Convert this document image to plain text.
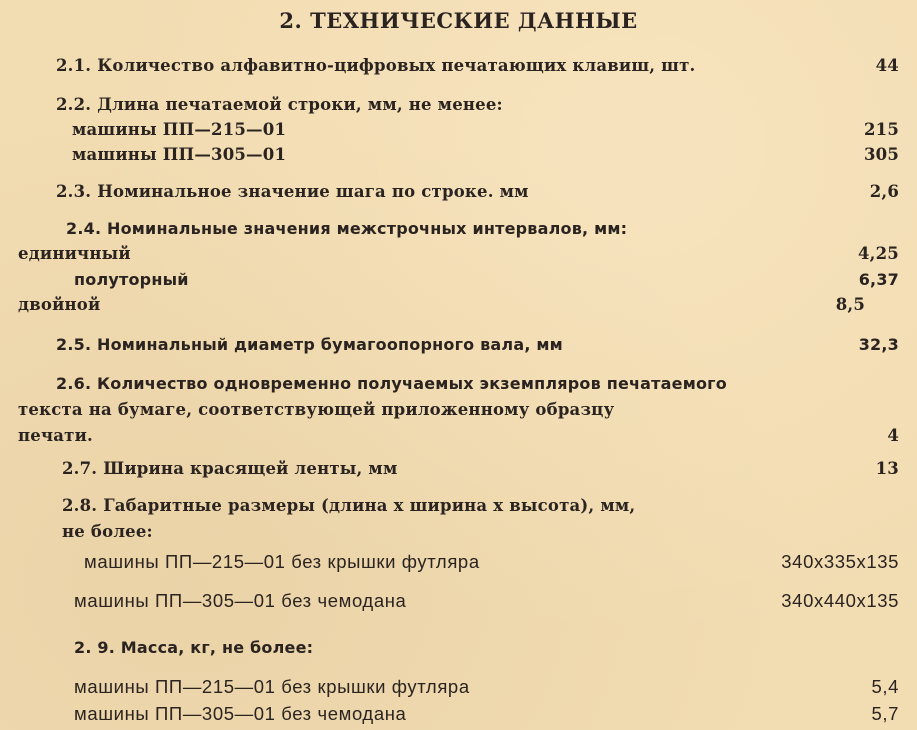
2. ТЕХНИЧЕСКИЕ ДАННЫЕ
2.1. Количество алфавитно-цифровых печатающих клавиш, шт.	44
2.2. Длина печатаемой строки, мм, не менее:
машины ПП—215—01	215
машины ПП—305—01	305
2.3. Номинальное значение шага по строке. мм	2,6
2.4. Номинальные значения межстрочных интервалов, мм:
единичный	4,25
полуторный	6,37
двойной	8,5
2.5. Номинальный диаметр бумагоопорного вала, мм	32,3
2.6. Количество одновременно получаемых экземпляров печатаемого
текста на бумаге, соответствующей приложенному образцу
печати.	4
2.7. Ширина красящей ленты, мм	13
2.8. Габаритные размеры (длина х ширина х высота), мм,
не более:
машины ПП—215—01 без крышки футляра	340х335х135
машины ПП—305—01 без чемодана	340х440х135
2. 9. Масса, кг, не более:
машины ПП—215—01 без крышки футляра	5,4
машины ПП—305—01 без чемодана	5,7
